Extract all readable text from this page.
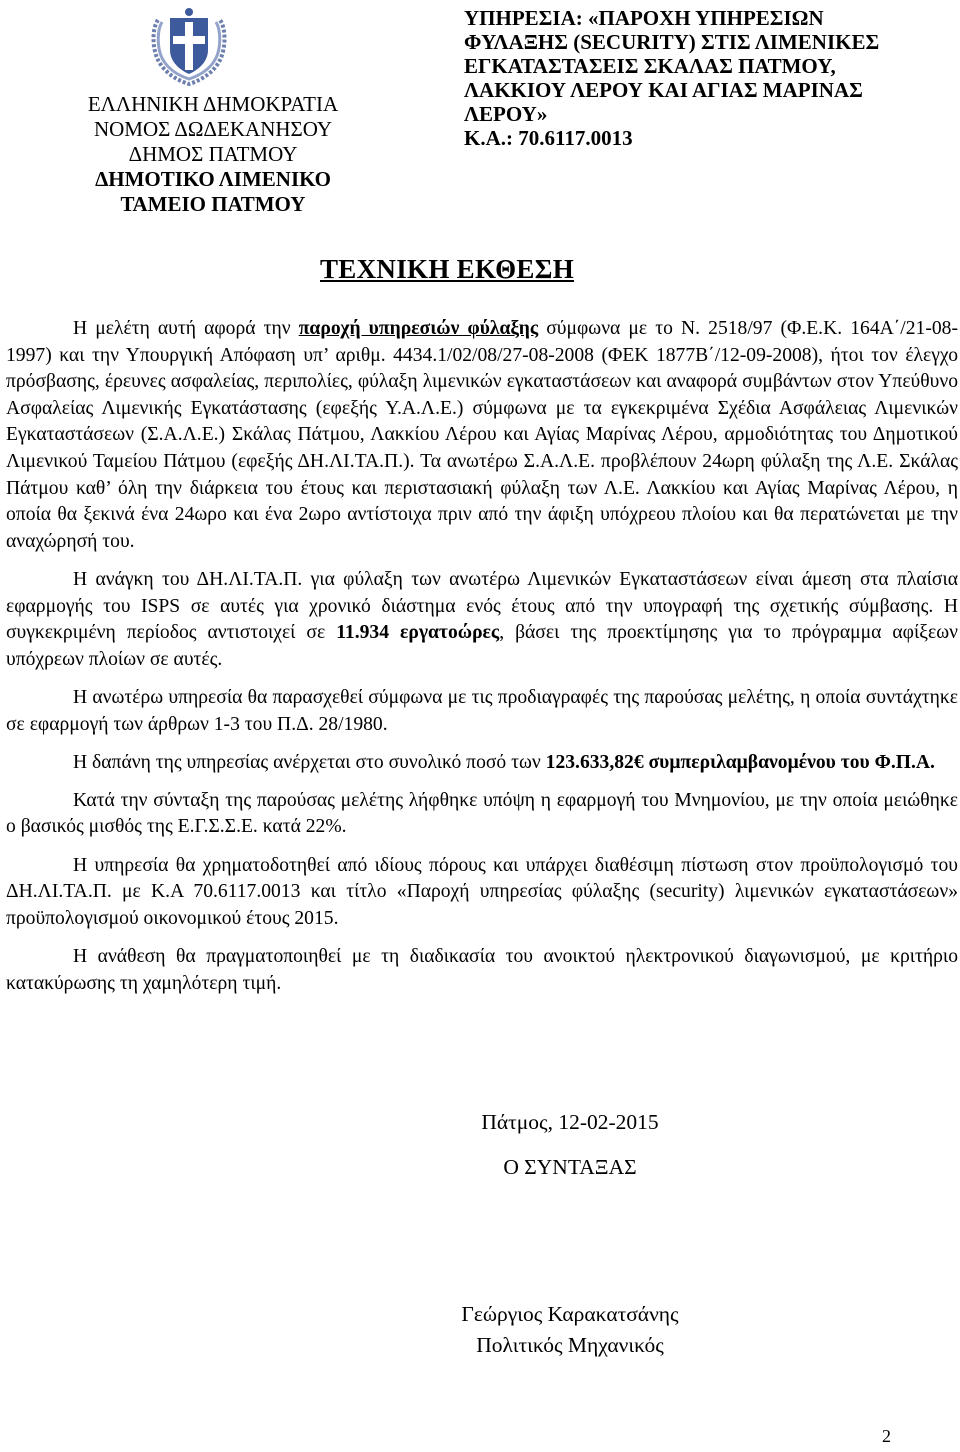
ΕΛΛΗΝΙΚΗ ΔΗΜΟΚΡΑΤΙΑ
ΝΟΜΟΣ ΔΩΔΕΚΑΝΗΣΟΥ
ΔΗΜΟΣ ΠΑΤΜΟΥ
ΔΗΜΟΤΙΚΟ ΛΙΜΕΝΙΚΟ
ΤΑΜΕΙΟ ΠΑΤΜΟΥ
ΥΠΗΡΕΣΙΑ: «ΠΑΡΟΧΗ ΥΠΗΡΕΣΙΩΝ
ΦΥΛΑΞΗΣ (SECURITY) ΣΤΙΣ ΛΙΜΕΝΙΚΕΣ
ΕΓΚΑΤΑΣΤΑΣΕΙΣ ΣΚΑΛΑΣ ΠΑΤΜΟΥ,
ΛΑΚΚΙΟΥ ΛΕΡΟΥ ΚΑΙ ΑΓΙΑΣ ΜΑΡΙΝΑΣ
ΛΕΡΟΥ»
Κ.Α.: 70.6117.0013
ΤΕΧΝΙΚΗ ΕΚΘΕΣΗ

Η μελέτη αυτή αφορά την παροχή υπηρεσιών φύλαξης σύμφωνα με το Ν. 2518/97 (Φ.Ε.Κ. 164Α΄/21-08-1997) και την Υπουργική Απόφαση υπ’ αριθμ. 4434.1/02/08/27-08-2008 (ΦΕΚ 1877Β΄/12-09-2008), ήτοι τον έλεγχο πρόσβασης, έρευνες ασφαλείας, περιπολίες, φύλαξη λιμενικών εγκαταστάσεων και αναφορά συμβάντων στον Υπεύθυνο Ασφαλείας Λιμενικής Εγκατάστασης (εφεξής Υ.Α.Λ.Ε.) σύμφωνα με τα εγκεκριμένα Σχέδια Ασφάλειας Λιμενικών Εγκαταστάσεων (Σ.Α.Λ.Ε.) Σκάλας Πάτμου, Λακκίου Λέρου και Αγίας Μαρίνας Λέρου, αρμοδιότητας του Δημοτικού Λιμενικού Ταμείου Πάτμου (εφεξής ΔΗ.ΛΙ.ΤΑ.Π.). Τα ανωτέρω Σ.Α.Λ.Ε. προβλέπουν 24ωρη φύλαξη της Λ.Ε. Σκάλας Πάτμου καθ’ όλη την διάρκεια του έτους και περιστασιακή φύλαξη των Λ.Ε. Λακκίου και Αγίας Μαρίνας Λέρου, η οποία θα ξεκινά ένα 24ωρο και ένα 2ωρο αντίστοιχα πριν από την άφιξη υπόχρεου πλοίου και θα περατώνεται με την αναχώρησή του.

Η ανάγκη του ΔΗ.ΛΙ.ΤΑ.Π. για φύλαξη των ανωτέρω Λιμενικών Εγκαταστάσεων είναι άμεση στα πλαίσια εφαρμογής του ISPS σε αυτές για χρονικό διάστημα ενός έτους από την υπογραφή της σχετικής σύμβασης. Η συγκεκριμένη περίοδος αντιστοιχεί σε 11.934 εργατοώρες, βάσει της προεκτίμησης για το πρόγραμμα αφίξεων υπόχρεων πλοίων σε αυτές.

Η ανωτέρω υπηρεσία θα παρασχεθεί σύμφωνα με τις προδιαγραφές της παρούσας μελέτης, η οποία συντάχτηκε σε εφαρμογή των άρθρων 1-3 του Π.Δ. 28/1980.

Η δαπάνη της υπηρεσίας ανέρχεται στο συνολικό ποσό των 123.633,82€ συμπεριλαμβανομένου του Φ.Π.Α.

Κατά την σύνταξη της παρούσας μελέτης λήφθηκε υπόψη η εφαρμογή του Μνημονίου, με την οποία μειώθηκε ο βασικός μισθός της Ε.Γ.Σ.Σ.Ε. κατά 22%.

Η υπηρεσία θα χρηματοδοτηθεί από ιδίους πόρους και υπάρχει διαθέσιμη πίστωση στον προϋπολογισμό του ΔΗ.ΛΙ.ΤΑ.Π. με Κ.Α 70.6117.0013 και τίτλο «Παροχή υπηρεσίας φύλαξης (security) λιμενικών εγκαταστάσεων» προϋπολογισμού οικονομικού έτους 2015.

Η ανάθεση θα πραγματοποιηθεί με τη διαδικασία του ανοικτού ηλεκτρονικού διαγωνισμού, με κριτήριο κατακύρωσης τη χαμηλότερη τιμή.

Πάτμος, 12-02-2015
Ο ΣΥΝΤΑΞΑΣ
Γεώργιος Καρακατσάνης
Πολιτικός Μηχανικός
2
